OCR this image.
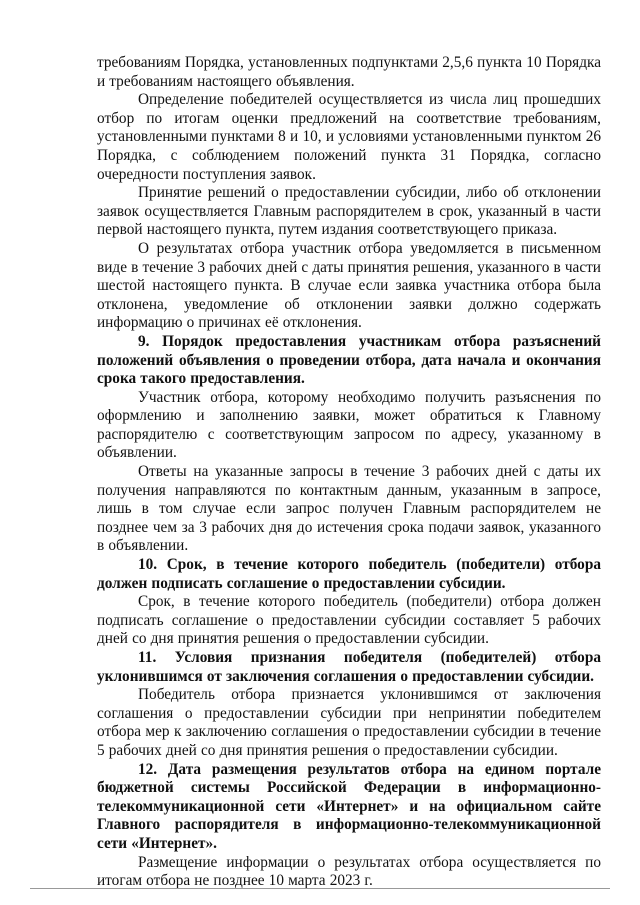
требованиям Порядка, установленных подпунктами 2,5,6 пункта 10 Порядка и требованиям настоящего объявления.

Определение победителей осуществляется из числа лиц прошедших отбор по итогам оценки предложений на соответствие требованиям, установленными пунктами 8 и 10, и условиями установленными пунктом 26 Порядка, с соблюдением положений пункта 31 Порядка, согласно очередности поступления заявок.

Принятие решений о предоставлении субсидии, либо об отклонении заявок осуществляется Главным распорядителем в срок, указанный в части первой настоящего пункта, путем издания соответствующего приказа.

О результатах отбора участник отбора уведомляется в письменном виде в течение 3 рабочих дней с даты принятия решения, указанного в части шестой настоящего пункта. В случае если заявка участника отбора была отклонена, уведомление об отклонении заявки должно содержать информацию о причинах её отклонения.

9. Порядок предоставления участникам отбора разъяснений положений объявления о проведении отбора, дата начала и окончания срока такого предоставления.

Участник отбора, которому необходимо получить разъяснения по оформлению и заполнению заявки, может обратиться к Главному распорядителю с соответствующим запросом по адресу, указанному в объявлении.

Ответы на указанные запросы в течение 3 рабочих дней с даты их получения направляются по контактным данным, указанным в запросе, лишь в том случае если запрос получен Главным распорядителем не позднее чем за 3 рабочих дня до истечения срока подачи заявок, указанного в объявлении.

10. Срок, в течение которого победитель (победители) отбора должен подписать соглашение о предоставлении субсидии.

Срок, в течение которого победитель (победители) отбора должен подписать соглашение о предоставлении субсидии составляет 5 рабочих дней со дня принятия решения о предоставлении субсидии.

11. Условия признания победителя (победителей) отбора уклонившимся от заключения соглашения о предоставлении субсидии.

Победитель отбора признается уклонившимся от заключения соглашения о предоставлении субсидии при непринятии победителем отбора мер к заключению соглашения о предоставлении субсидии в течение 5 рабочих дней со дня принятия решения о предоставлении субсидии.

12. Дата размещения результатов отбора на едином портале бюджетной системы Российской Федерации в информационно-телекоммуникационной сети «Интернет» и на официальном сайте Главного распорядителя в информационно-телекоммуникационной сети «Интернет».

Размещение информации о результатах отбора осуществляется по итогам отбора не позднее 10 марта 2023 г.
